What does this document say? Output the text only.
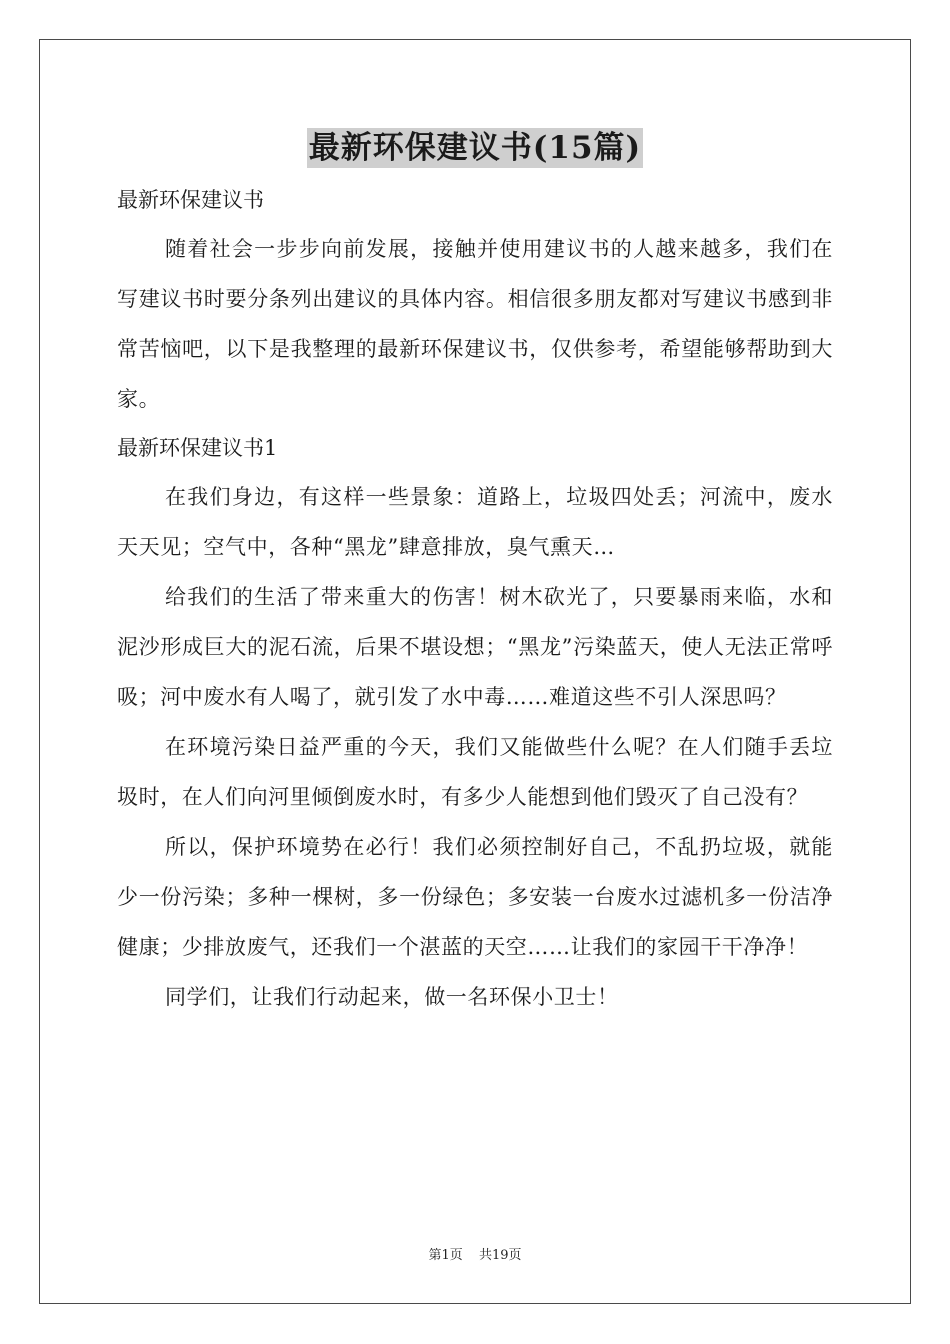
最新环保建议书(15篇)

最新环保建议书

随着社会一步步向前发展，接触并使用建议书的人越来越多，我们在写建议书时要分条列出建议的具体内容。相信很多朋友都对写建议书感到非常苦恼吧，以下是我整理的最新环保建议书，仅供参考，希望能够帮助到大家。

最新环保建议书1

在我们身边，有这样一些景象：道路上，垃圾四处丢；河流中，废水天天见；空气中，各种“黑龙”肆意排放，臭气熏天…

给我们的生活了带来重大的伤害！树木砍光了，只要暴雨来临，水和泥沙形成巨大的泥石流，后果不堪设想；“黑龙”污染蓝天，使人无法正常呼吸；河中废水有人喝了，就引发了水中毒……难道这些不引人深思吗？

在环境污染日益严重的今天，我们又能做些什么呢？在人们随手丢垃圾时，在人们向河里倾倒废水时，有多少人能想到他们毁灭了自己没有？

所以，保护环境势在必行！我们必须控制好自己，不乱扔垃圾，就能少一份污染；多种一棵树，多一份绿色；多安装一台废水过滤机多一份洁净健康；少排放废气，还我们一个湛蓝的天空……让我们的家园干干净净！

同学们，让我们行动起来，做一名环保小卫士！

第1页 共19页
